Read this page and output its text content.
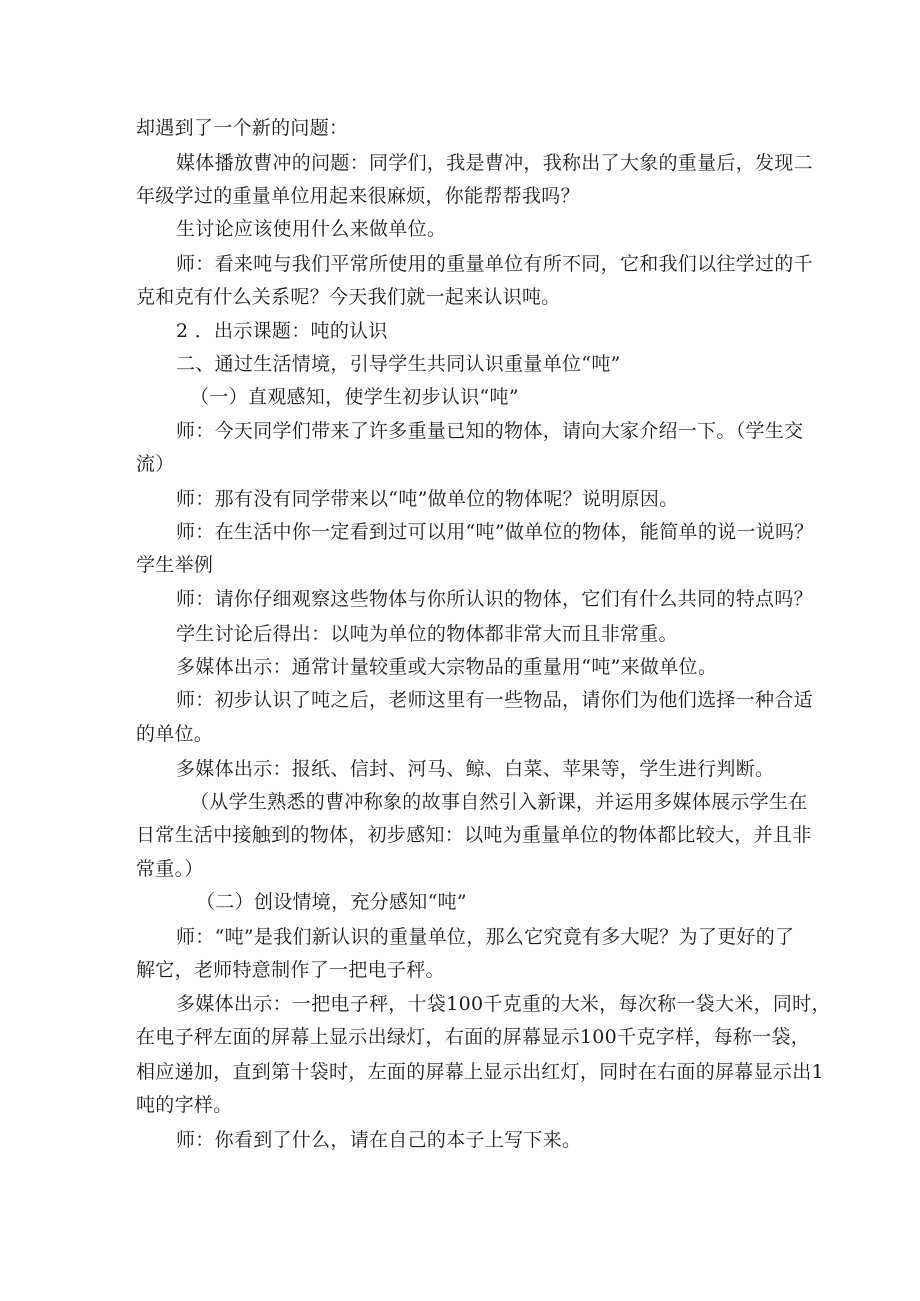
却遇到了一个新的问题：
媒体播放曹冲的问题：同学们，我是曹冲，我称出了大象的重量后，发现二
年级学过的重量单位用起来很麻烦，你能帮帮我吗？
生讨论应该使用什么来做单位。
师：看来吨与我们平常所使用的重量单位有所不同，它和我们以往学过的千
克和克有什么关系呢？今天我们就一起来认识吨。
2 ．出示课题：吨的认识
二、通过生活情境，引导学生共同认识重量单位“吨”
（一）直观感知，使学生初步认识“吨”
师：今天同学们带来了许多重量已知的物体，请向大家介绍一下。（学生交
流）
师：那有没有同学带来以“吨”做单位的物体呢？说明原因。
师：在生活中你一定看到过可以用“吨”做单位的物体，能简单的说一说吗？
学生举例
师：请你仔细观察这些物体与你所认识的物体，它们有什么共同的特点吗？
学生讨论后得出：以吨为单位的物体都非常大而且非常重。
多媒体出示：通常计量较重或大宗物品的重量用“吨”来做单位。
师：初步认识了吨之后，老师这里有一些物品，请你们为他们选择一种合适
的单位。
多媒体出示：报纸、信封、河马、鲸、白菜、苹果等，学生进行判断。
（从学生熟悉的曹冲称象的故事自然引入新课，并运用多媒体展示学生在
日常生活中接触到的物体，初步感知：以吨为重量单位的物体都比较大，并且非
常重。）
（二）创设情境，充分感知“吨”
师：“吨”是我们新认识的重量单位，那么它究竟有多大呢？为了更好的了
解它，老师特意制作了一把电子秤。
多媒体出示：一把电子秤，十袋100千克重的大米，每次称一袋大米，同时，
在电子秤左面的屏幕上显示出绿灯，右面的屏幕显示100千克字样，每称一袋，
相应递加，直到第十袋时，左面的屏幕上显示出红灯，同时在右面的屏幕显示出1
吨的字样。
师：你看到了什么，请在自己的本子上写下来。
